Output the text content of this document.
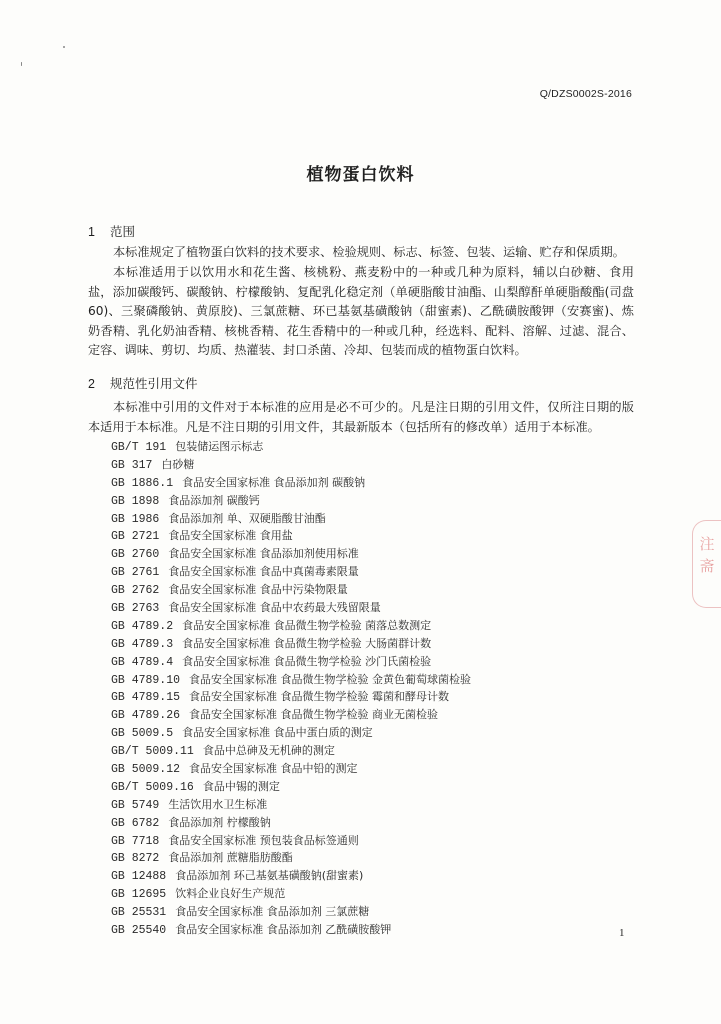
Q/DZS0002S-2016
植物蛋白饮料
1 范围

本标准规定了植物蛋白饮料的技术要求、检验规则、标志、标签、包装、运输、贮存和保质期。

本标准适用于以饮用水和花生酱、核桃粉、燕麦粉中的一种或几种为原料，辅以白砂糖、食用盐，添加碳酸钙、碳酸钠、柠檬酸钠、复配乳化稳定剂（单硬脂酸甘油酯、山梨醇酐单硬脂酸酯(司盘60)、三聚磷酸钠、黄原胶)、三氯蔗糖、环已基氨基磺酸钠（甜蜜素)、乙酰磺胺酸钾（安赛蜜)、炼奶香精、乳化奶油香精、核桃香精、花生香精中的一种或几种，经选料、配料、溶解、过滤、混合、定容、调味、剪切、均质、热灌装、封口杀菌、冷却、包装而成的植物蛋白饮料。

2 规范性引用文件

本标准中引用的文件对于本标准的应用是必不可少的。凡是注日期的引用文件，仅所注日期的版本适用于本标准。凡是不注日期的引用文件，其最新版本（包括所有的修改单）适用于本标准。

GB/T 191 包装储运图示标志
GB 317 白砂糖
GB 1886.1 食品安全国家标准 食品添加剂 碳酸钠
GB 1898 食品添加剂 碳酸钙
GB 1986 食品添加剂 单、双硬脂酸甘油酯
GB 2721 食品安全国家标准 食用盐
GB 2760 食品安全国家标准 食品添加剂使用标准
GB 2761 食品安全国家标准 食品中真菌毒素限量
GB 2762 食品安全国家标准 食品中污染物限量
GB 2763 食品安全国家标准 食品中农药最大残留限量
GB 4789.2 食品安全国家标准 食品微生物学检验 菌落总数测定
GB 4789.3 食品安全国家标准 食品微生物学检验 大肠菌群计数
GB 4789.4 食品安全国家标准 食品微生物学检验 沙门氏菌检验
GB 4789.10 食品安全国家标准 食品微生物学检验 金黄色葡萄球菌检验
GB 4789.15 食品安全国家标准 食品微生物学检验 霉菌和酵母计数
GB 4789.26 食品安全国家标准 食品微生物学检验 商业无菌检验
GB 5009.5 食品安全国家标准 食品中蛋白质的测定
GB/T 5009.11 食品中总砷及无机砷的测定
GB 5009.12 食品安全国家标准 食品中铅的测定
GB/T 5009.16 食品中锡的测定
GB 5749 生活饮用水卫生标准
GB 6782 食品添加剂 柠檬酸钠
GB 7718 食品安全国家标准 预包装食品标签通则
GB 8272 食品添加剂 蔗糖脂肪酸酯
GB 12488 食品添加剂 环己基氨基磺酸钠(甜蜜素)
GB 12695 饮料企业良好生产规范
GB 25531 食品安全国家标准 食品添加剂 三氯蔗糖
GB 25540 食品安全国家标准 食品添加剂 乙酰磺胺酸钾	1
注
斋
